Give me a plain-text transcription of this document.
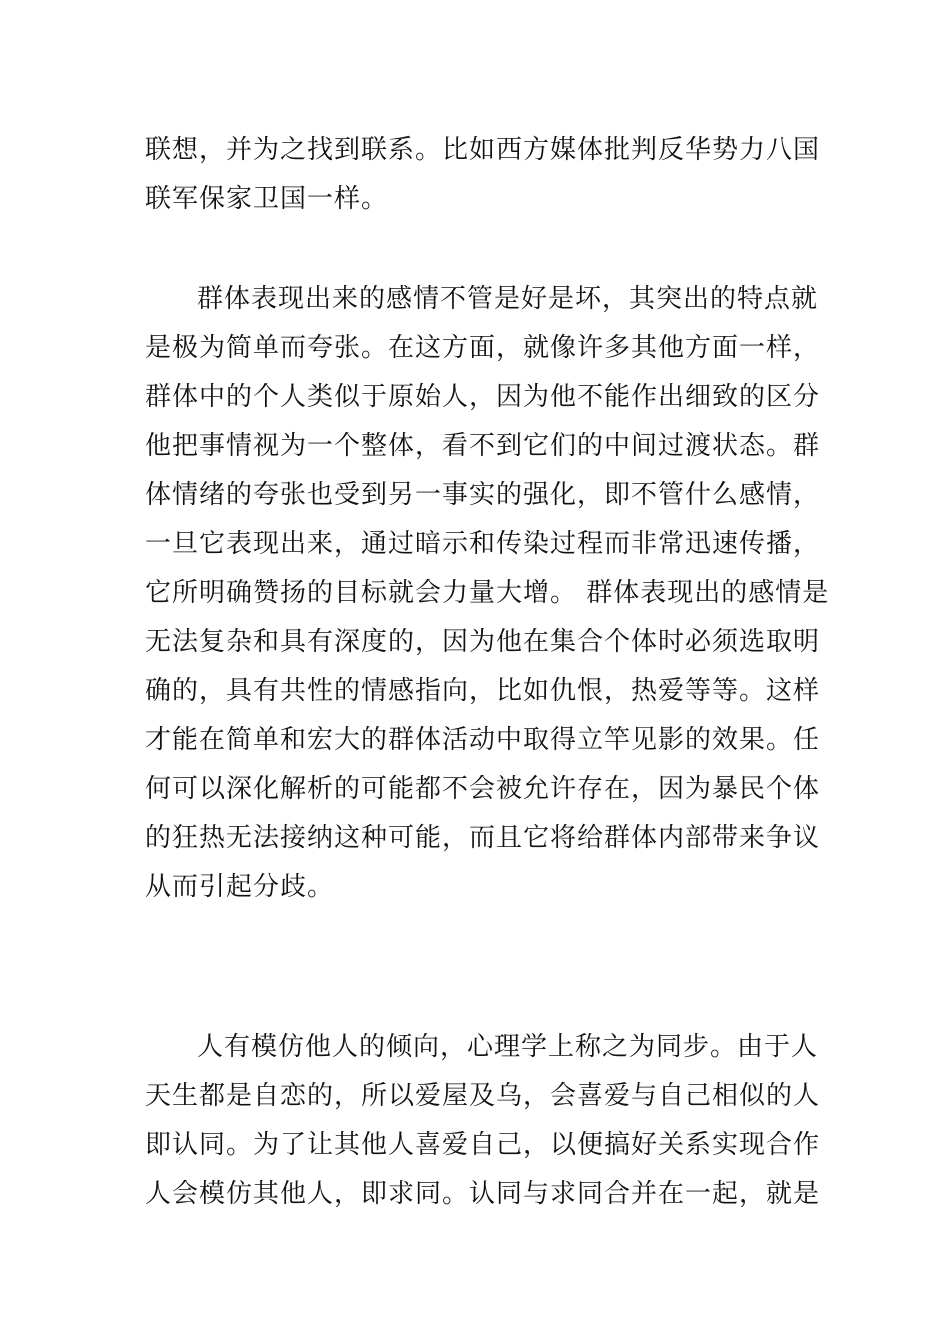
联想，并为之找到联系。比如西方媒体批判反华势力八国
联军保家卫国一样。
群体表现出来的感情不管是好是坏，其突出的特点就
是极为简单而夸张。在这方面，就像许多其他方面一样，
群体中的个人类似于原始人，因为他不能作出细致的区分
他把事情视为一个整体，看不到它们的中间过渡状态。群
体情绪的夸张也受到另一事实的强化，即不管什么感情，
一旦它表现出来，通过暗示和传染过程而非常迅速传播，
它所明确赞扬的目标就会力量大增。 群体表现出的感情是
无法复杂和具有深度的，因为他在集合个体时必须选取明
确的，具有共性的情感指向，比如仇恨，热爱等等。这样
才能在简单和宏大的群体活动中取得立竿见影的效果。任
何可以深化解析的可能都不会被允许存在，因为暴民个体
的狂热无法接纳这种可能，而且它将给群体内部带来争议
从而引起分歧。
人有模仿他人的倾向，心理学上称之为同步。由于人
天生都是自恋的，所以爱屋及乌，会喜爱与自己相似的人
即认同。为了让其他人喜爱自己，以便搞好关系实现合作
人会模仿其他人，即求同。认同与求同合并在一起，就是
